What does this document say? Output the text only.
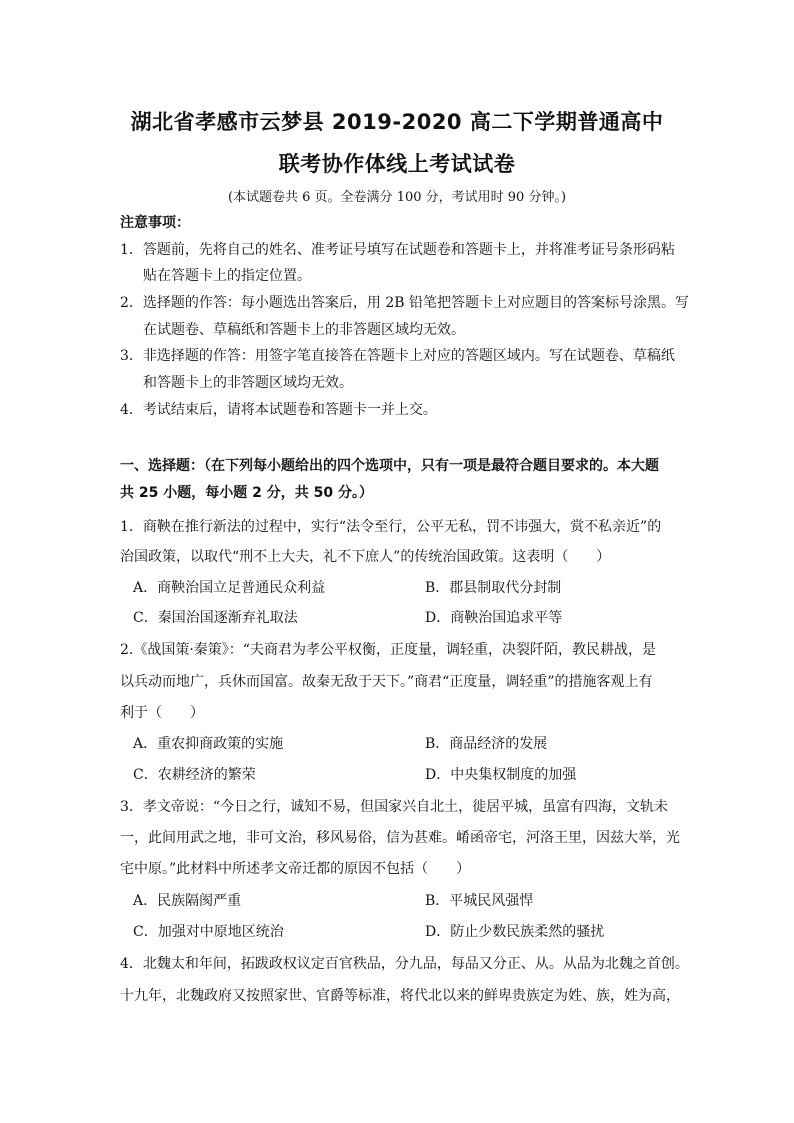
湖北省孝感市云梦县 2019-2020 高二下学期普通高中
联考协作体线上考试试卷
(本试题卷共 6 页。全卷满分 100 分，考试用时 90 分钟。)
注意事项：
1．答题前，先将自己的姓名、准考证号填写在试题卷和答题卡上，并将准考证号条形码粘
贴在答题卡上的指定位置。
2．选择题的作答：每小题选出答案后，用 2B 铅笔把答题卡上对应题目的答案标号涂黑。写
在试题卷、草稿纸和答题卡上的非答题区域均无效。
3．非选择题的作答：用签字笔直接答在答题卡上对应的答题区域内。写在试题卷、草稿纸
和答题卡上的非答题区域均无效。
4．考试结束后，请将本试题卷和答题卡一并上交。
一、选择题：（在下列每小题给出的四个选项中，只有一项是最符合题目要求的。本大题
共 25 小题，每小题 2 分，共 50 分。）
1．商鞅在推行新法的过程中，实行“法令至行，公平无私，罚不讳强大，赏不私亲近”的
治国政策，以取代“刑不上大夫，礼不下庶人”的传统治国政策。这表明（　　）
A．商鞅治国立足普通民众利益	B．郡县制取代分封制
C．秦国治国逐渐弃礼取法	D．商鞅治国追求平等
2.《战国策·秦策》：“夫商君为孝公平权衡，正度量，调轻重，决裂阡陌，教民耕战，是
以兵动而地广，兵休而国富。故秦无敌于天下。”商君“正度量，调轻重”的措施客观上有
利于（　　）
A．重农抑商政策的实施	B．商品经济的发展
C．农耕经济的繁荣	D．中央集权制度的加强
3．孝文帝说：“今日之行，诚知不易，但国家兴自北土，徙居平城，虽富有四海，文轨未
一，此间用武之地，非可文治，移风易俗，信为甚难。崤函帝宅，河洛王里，因兹大举，光
宅中原。”此材料中所述孝文帝迁都的原因不包括（　　）
A．民族隔阂严重	B．平城民风强悍
C．加强对中原地区统治	D．防止少数民族柔然的骚扰
4．北魏太和年间，拓跋政权议定百官秩品，分九品，每品又分正、从。从品为北魏之首创。
十九年，北魏政府又按照家世、官爵等标准，将代北以来的鲜卑贵族定为姓、族，姓为高，
